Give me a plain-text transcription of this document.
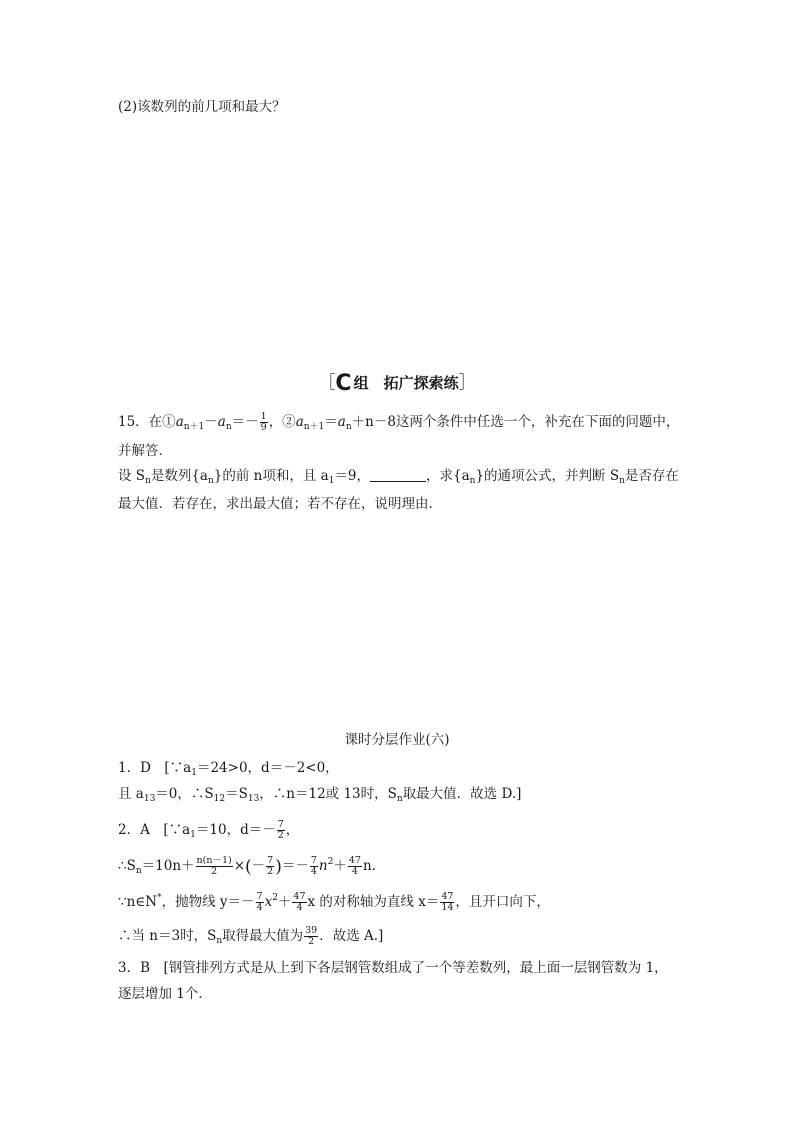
(2)该数列的前几项和最大？
［C 组　拓广探索练］
15．在$①a_{n+1}-a_n=- \frac{1}{9}$ ，$②a_{n+1}=a_n+n-8$这两个条件中任选一个，补充在下面的问题中，
并解答．
设 $S_n$是数列$\{a_n\}$的前 n项和，且 $a_1=9$，	，求$\{a_n\}$的通项公式，并判断 $S_n$是否存在
最大值．若存在，求出最大值；若不存在，说明理由．
课时分层作业(六)
1．D　[$\because a_1=24>0$，d＝－2<0，
且 $a_{13}=0$，$\therefore S_{12}=S_{13}$，∴n＝12或 13时，$S_n$取最大值．故选 D.]
2．A　[$\because a_1=10$，$d=- \frac{7}{2}$ ，
$\therefore S_n=10n+ \frac{n(n-1)}{2}$ ×(－ $\frac{7}{2}$ )＝－ $\frac{7}{4} n^2+ \frac{47}{4} n$.
∵n∈N*，抛物线 $y=- \frac{7}{4} x^2+ \frac{47}{4}$ x 的对称轴为直线 $x= \frac{47}{14}$ ，且开口向下，
∴当 n＝3时，$S_n$取得最大值为 $\frac{39}{2}$ ．故选 A.]
3．B　[钢管排列方式是从上到下各层钢管数组成了一个等差数列，最上面一层钢管数为 1，
逐层增加 1个．
